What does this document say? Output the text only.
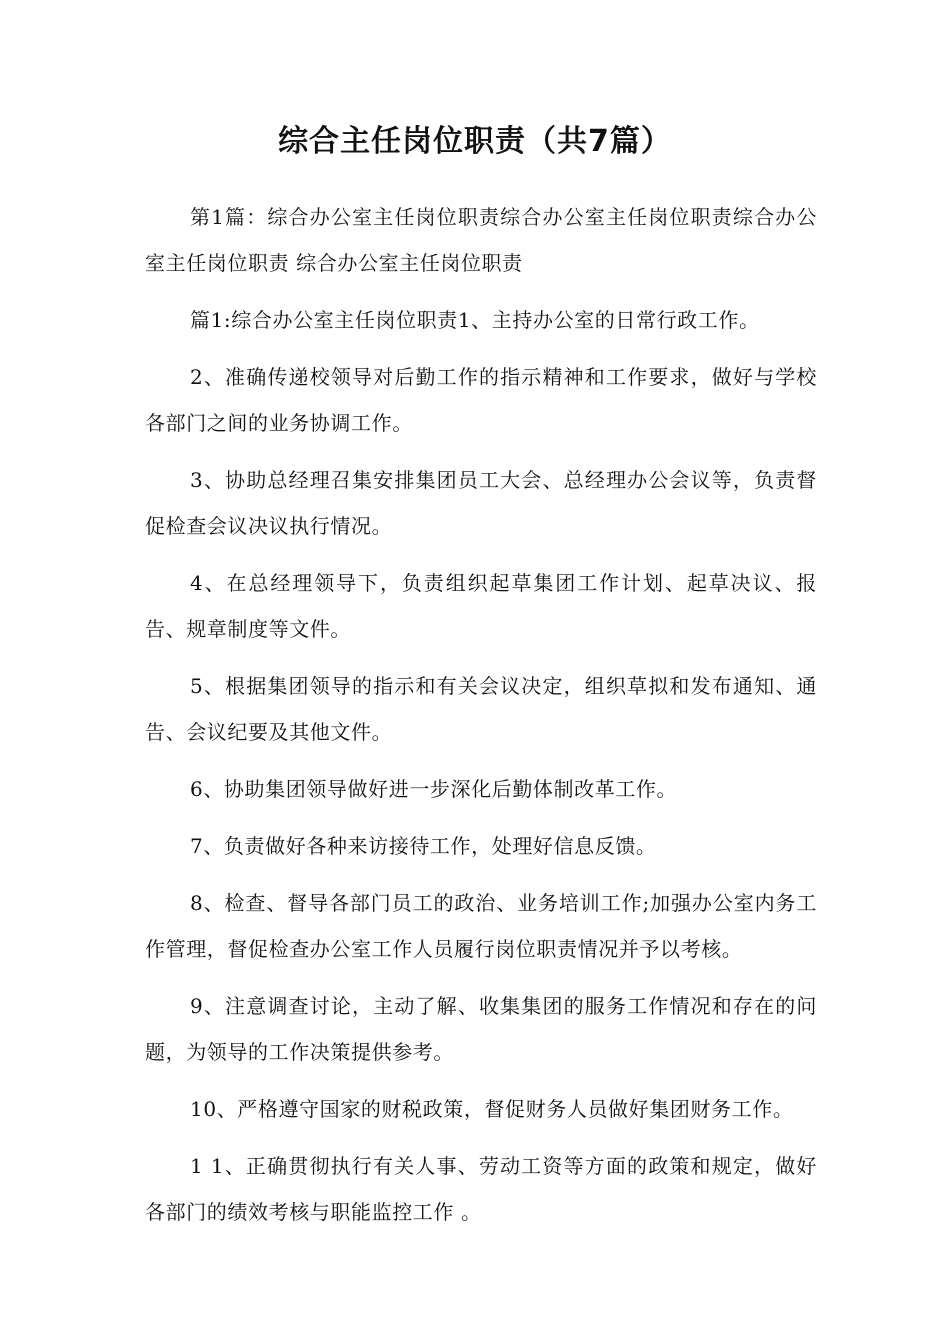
综合主任岗位职责（共7篇）

第1篇：综合办公室主任岗位职责综合办公室主任岗位职责综合办公室主任岗位职责 综合办公室主任岗位职责

篇1:综合办公室主任岗位职责1、主持办公室的日常行政工作。

2、准确传递校领导对后勤工作的指示精神和工作要求，做好与学校各部门之间的业务协调工作。

3、协助总经理召集安排集团员工大会、总经理办公会议等，负责督促检查会议决议执行情况。

4、在总经理领导下，负责组织起草集团工作计划、起草决议、报告、规章制度等文件。

5、根据集团领导的指示和有关会议决定，组织草拟和发布通知、通告、会议纪要及其他文件。

6、协助集团领导做好进一步深化后勤体制改革工作。

7、负责做好各种来访接待工作，处理好信息反馈。

8、检查、督导各部门员工的政治、业务培训工作;加强办公室内务工作管理，督促检查办公室工作人员履行岗位职责情况并予以考核。

9、注意调查讨论，主动了解、收集集团的服务工作情况和存在的问题，为领导的工作决策提供参考。

10、严格遵守国家的财税政策，督促财务人员做好集团财务工作。

1 1、正确贯彻执行有关人事、劳动工资等方面的政策和规定，做好各部门的绩效考核与职能监控工作 。
